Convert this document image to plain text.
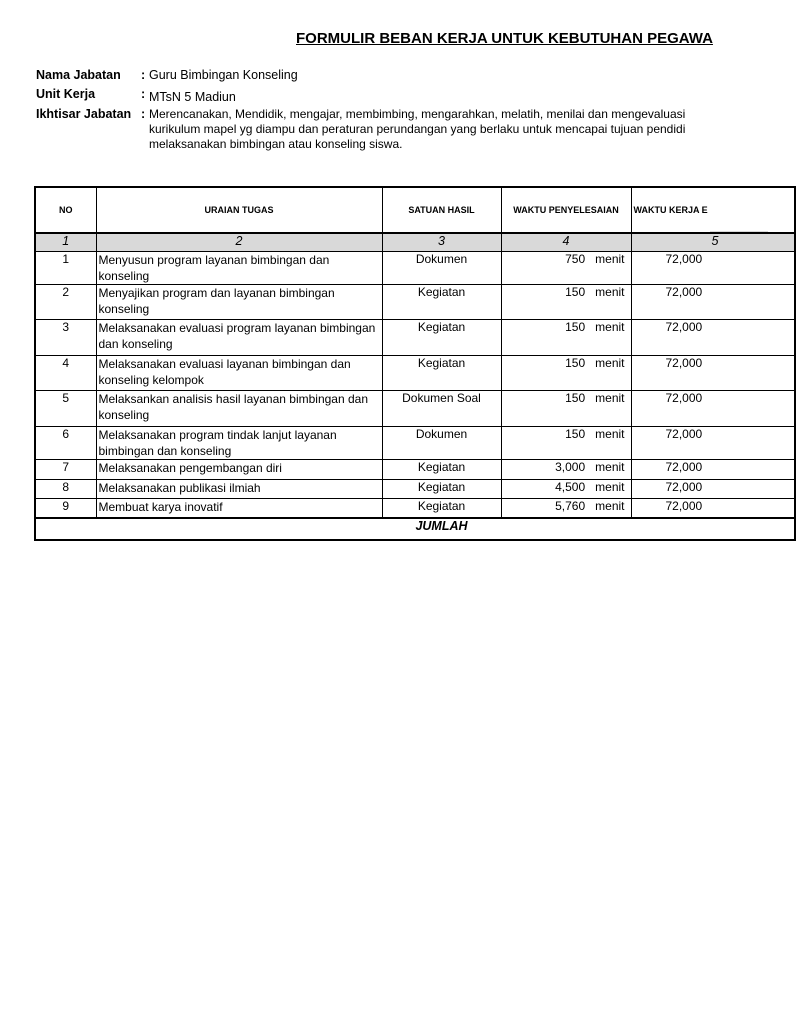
FORMULIR BEBAN KERJA UNTUK KEBUTUHAN PEGAWA
Nama Jabatan : Guru Bimbingan Konseling
Unit Kerja	: MTsN 5 Madiun
Ikhtisar Jabatan : Merencanakan, Mendidik, mengajar, membimbing, mengarahkan, melatih, menilai dan mengevaluasi
kurikulum mapel yg diampu dan peraturan perundangan yang berlaku untuk mencapai tujuan pendidi
melaksanakan bimbingan atau konseling siswa.
NO	URAIAN TUGAS	SATUAN HASIL	WAKTU PENYELESAIAN	WAKTU KERJA E
1	2	3	4	5
1	Menyusun program layanan bimbingan dan konseling	Dokumen	750 menit	72,000
2	Menyajikan program dan layanan bimbingan konseling	Kegiatan	150 menit	72,000
3	Melaksanakan evaluasi program layanan bimbingan dan konseling	Kegiatan	150 menit	72,000
4	Melaksanakan evaluasi layanan bimbingan dan konseling kelompok	Kegiatan	150 menit	72,000
5	Melaksankan analisis hasil layanan bimbingan dan konseling	Dokumen Soal	150 menit	72,000
6	Melaksanakan program tindak lanjut layanan bimbingan dan konseling	Dokumen	150 menit	72,000
7	Melaksanakan pengembangan diri	Kegiatan	3,000 menit	72,000
8	Melaksanakan publikasi ilmiah	Kegiatan	4,500 menit	72,000
9	Membuat karya inovatif	Kegiatan	5,760 menit	72,000
		JUMLAH		
